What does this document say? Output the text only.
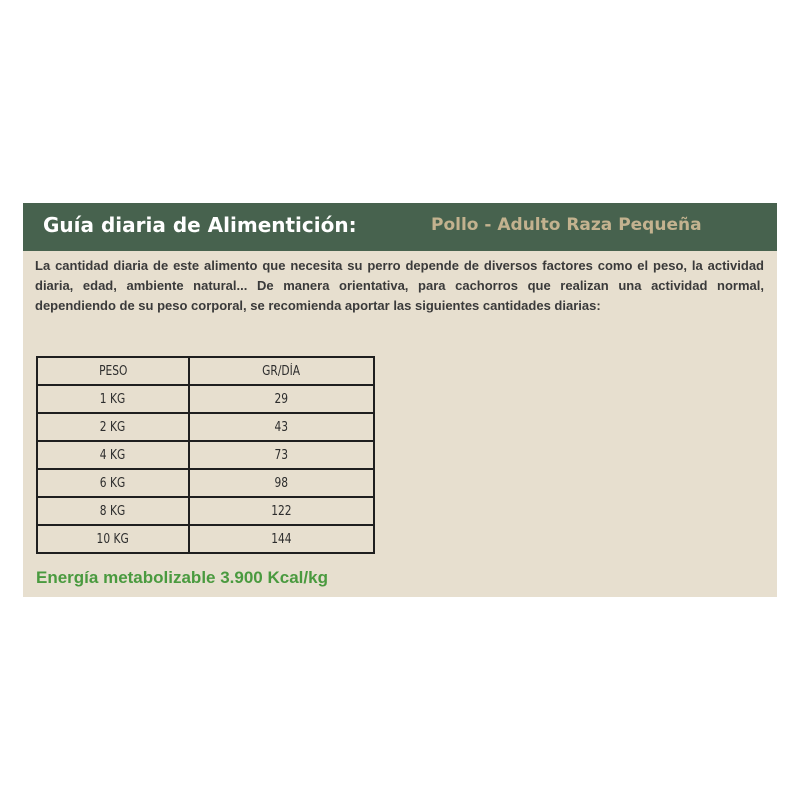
Guía diaria de Alimentición:	Pollo - Adulto Raza Pequeña

La cantidad diaria de este alimento que necesita su perro depende de diversos factores como el peso, la actividad diaria, edad, ambiente natural... De manera orientativa, para cachorros que realizan una actividad normal, dependiendo de su peso corporal, se recomienda aportar las siguientes cantidades diarias:

PESO	GR/DÍA
1 KG	29
2 KG	43
4 KG	73
6 KG	98
8 KG	122
10 KG	144
Energía metabolizable 3.900 Kcal/kg
